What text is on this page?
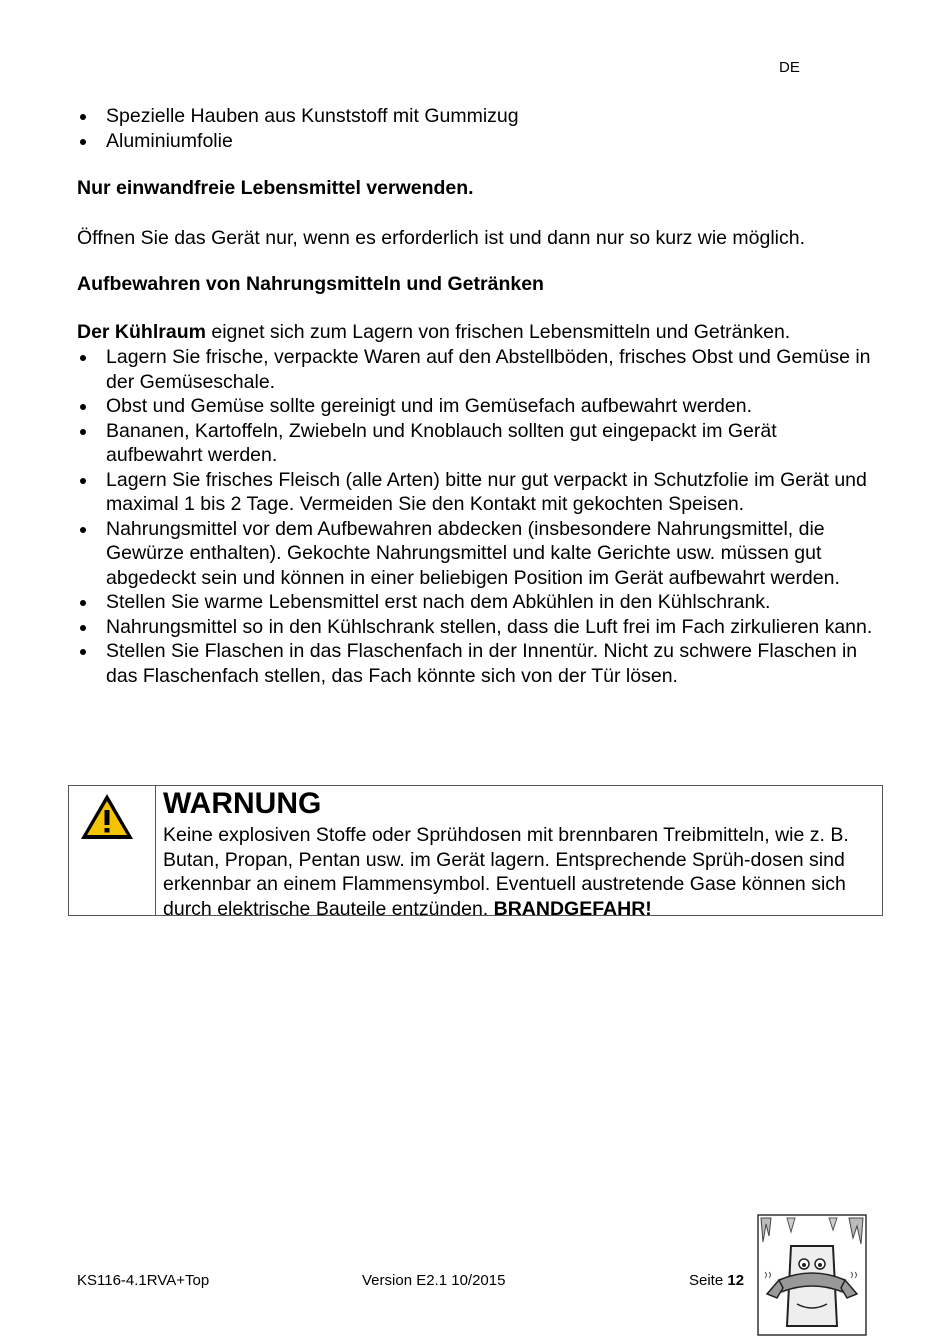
DE
Spezielle Hauben aus Kunststoff mit Gummizug
Aluminiumfolie
Nur einwandfreie Lebensmittel verwenden.
Öffnen Sie das Gerät nur, wenn es erforderlich ist und dann nur so kurz wie möglich.
Aufbewahren von Nahrungsmitteln und Getränken
Der Kühlraum eignet sich zum Lagern von frischen Lebensmitteln und Getränken.
Lagern Sie frische, verpackte Waren auf den Abstellböden, frisches Obst und Gemüse in der Gemüseschale.
Obst und Gemüse sollte gereinigt und im Gemüsefach aufbewahrt werden.
Bananen, Kartoffeln, Zwiebeln und Knoblauch sollten gut eingepackt im Gerät aufbewahrt werden.
Lagern Sie frisches Fleisch (alle Arten) bitte nur gut verpackt in Schutzfolie im Gerät und maximal 1 bis 2 Tage. Vermeiden Sie den Kontakt mit gekochten Speisen.
Nahrungsmittel vor dem Aufbewahren abdecken (insbesondere Nahrungsmittel, die Gewürze enthalten). Gekochte Nahrungsmittel und kalte Gerichte usw. müssen gut abgedeckt sein und können in einer beliebigen Position im Gerät aufbewahrt werden.
Stellen Sie warme Lebensmittel erst nach dem Abkühlen in den Kühlschrank.
Nahrungsmittel so in den Kühlschrank stellen, dass die Luft frei im Fach zirkulieren kann.
Stellen Sie Flaschen in das Flaschenfach in der Innentür. Nicht zu schwere Flaschen in das Flaschenfach stellen, das Fach könnte sich von der Tür lösen.
WARNUNG
Keine explosiven Stoffe oder Sprühdosen mit brennbaren Treibmitteln, wie z. B. Butan, Propan, Pentan usw. im Gerät lagern. Entsprechende Sprüh-dosen sind erkennbar an einem Flammensymbol. Eventuell austretende Gase können sich durch elektrische Bauteile entzünden. BRANDGEFAHR!
KS116-4.1RVA+Top	Version E2.1 10/2015	Seite 12
